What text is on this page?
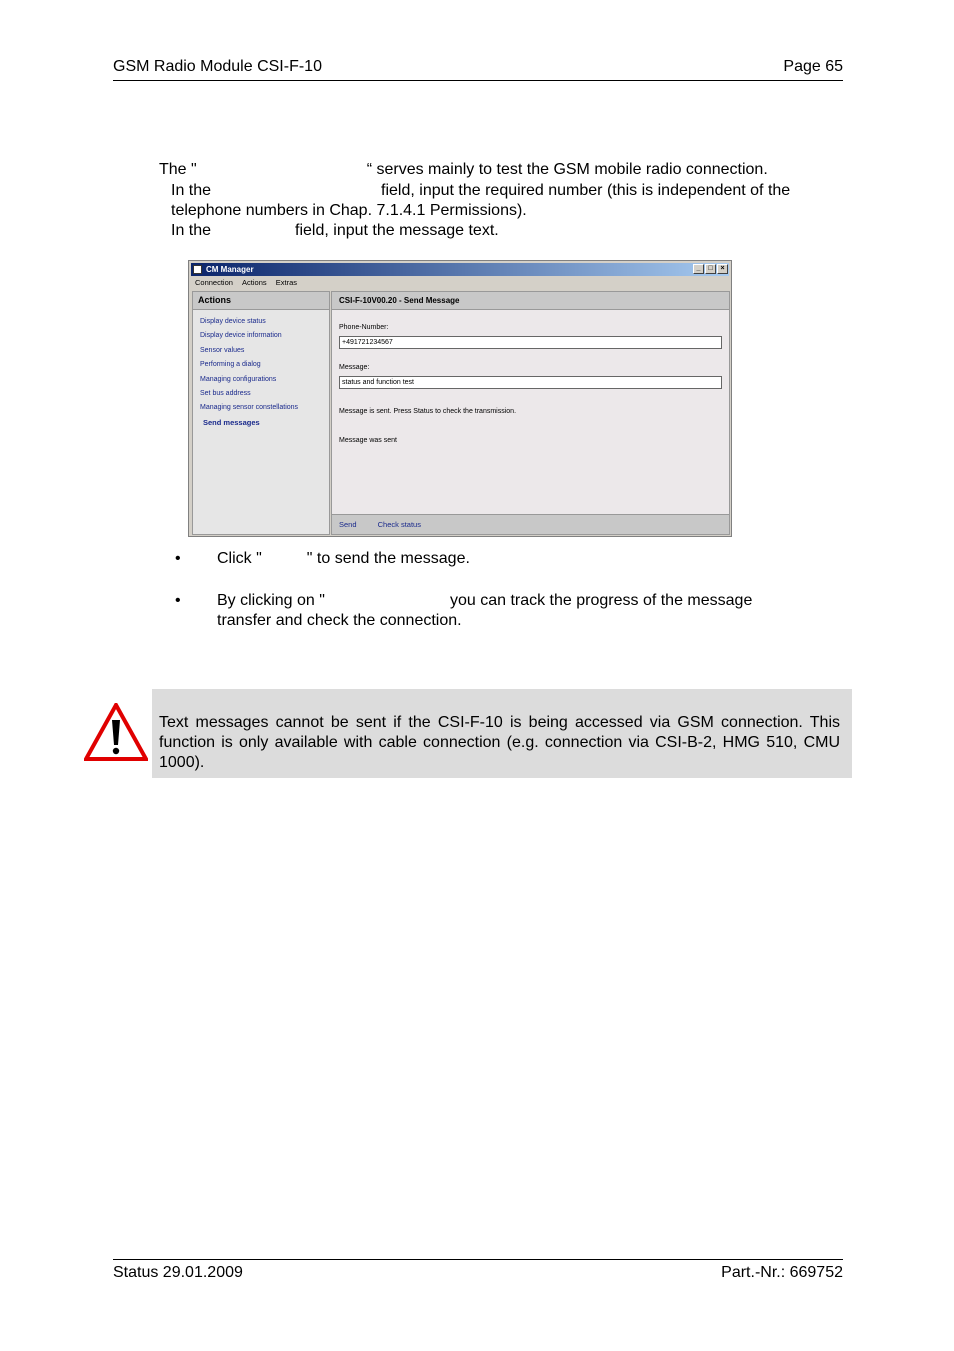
GSM Radio Module CSI-F-10	Page 65
The "	“ serves mainly to test the GSM mobile radio connection.
In the	field, input the required number (this is independent of the
telephone numbers in Chap. 7.1.4.1 Permissions).
In the	field, input the message text.
CM Manager	_	□	×
Connection Actions Extras
Actions
Display device status
Display device information
Sensor values
Performing a dialog
Managing configurations
Set bus address
Managing sensor constellations
Send messages
CSI-F-10V00.20 - Send Message
Phone-Number:
+491721234567
Message:
status and function test
Message is sent. Press Status to check the transmission.
Message was sent
Send	Check status
• Click "	" to send the message.
• By clicking on "	you can track the progress of the message
transfer and check the connection.
Text messages cannot be sent if the CSI-F-10 is being accessed via GSM connection. This function is only available with cable connection (e.g. connection via CSI-B-2, HMG 510, CMU 1000).
Status 29.01.2009	Part.-Nr.: 669752
